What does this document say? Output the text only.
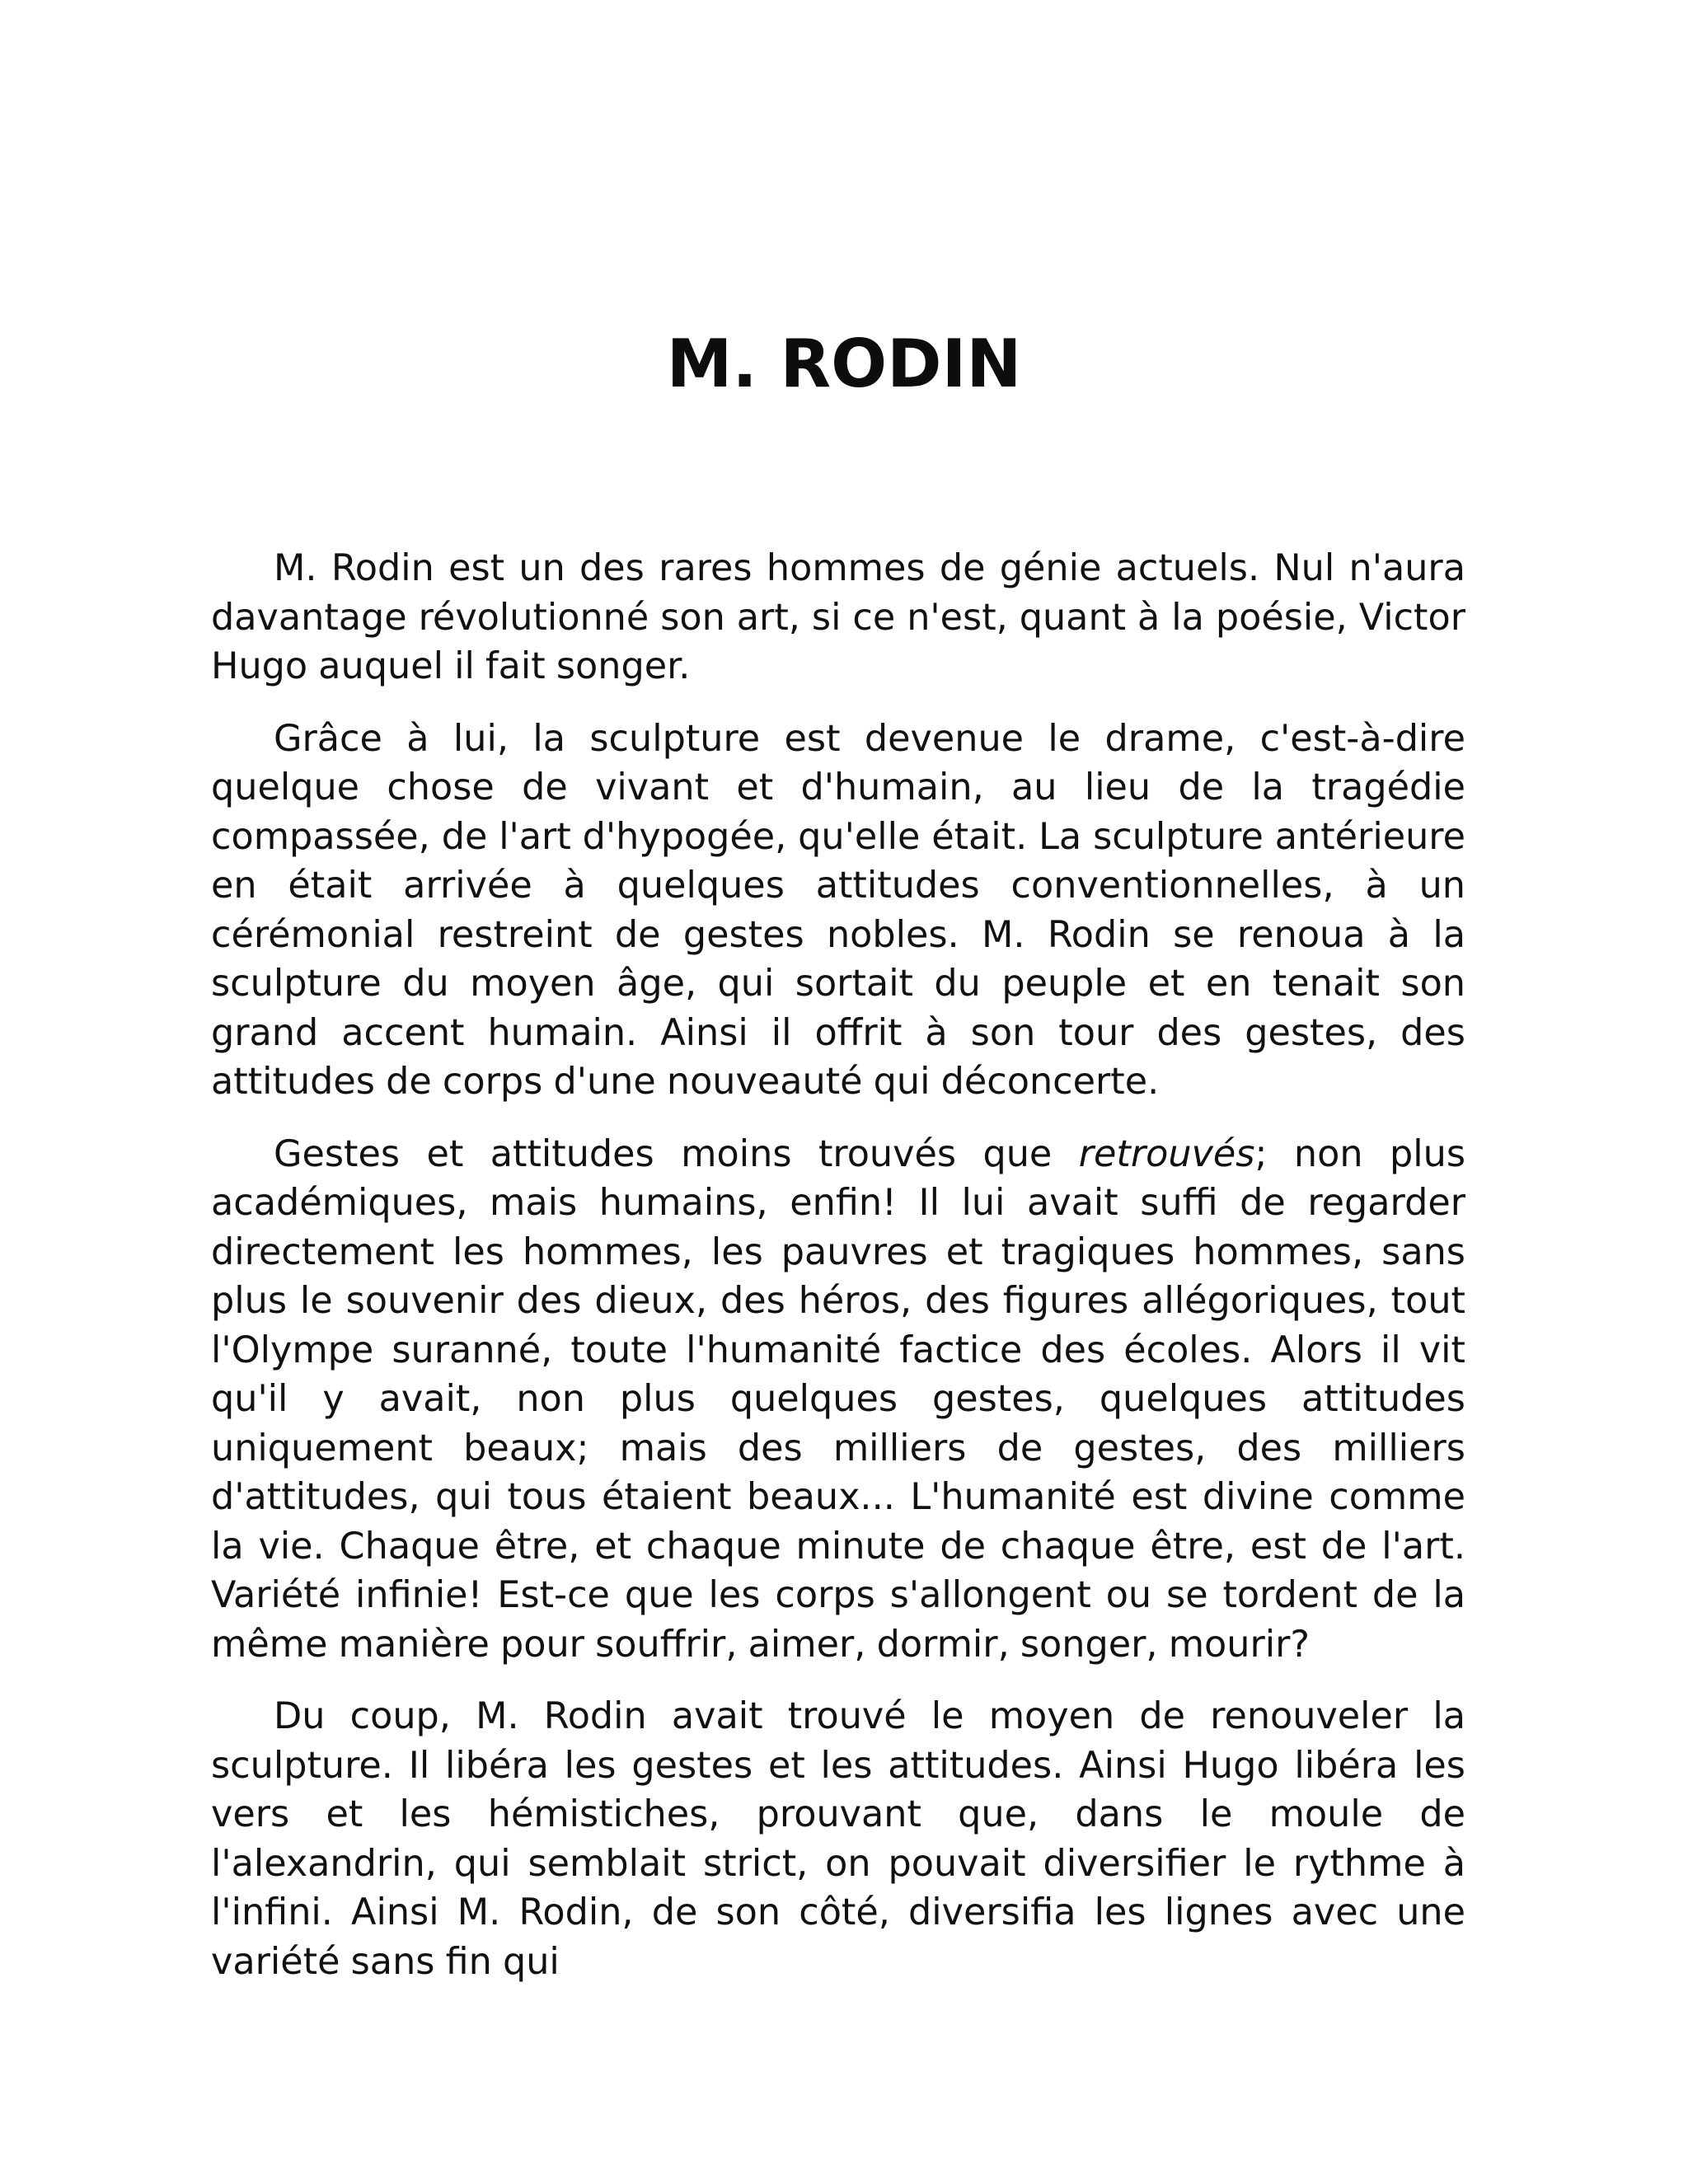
M. RODIN

M. Rodin est un des rares hommes de génie actuels. Nul n'aura davantage révolutionné son art, si ce n'est, quant à la poésie, Victor Hugo auquel il fait songer.

Grâce à lui, la sculpture est devenue le drame, c'est-à-dire quelque chose de vivant et d'humain, au lieu de la tragédie compassée, de l'art d'hypogée, qu'elle était. La sculpture antérieure en était arrivée à quelques attitudes conventionnelles, à un cérémonial restreint de gestes nobles. M. Rodin se renoua à la sculpture du moyen âge, qui sortait du peuple et en tenait son grand accent humain. Ainsi il offrit à son tour des gestes, des attitudes de corps d'une nouveauté qui déconcerte.

Gestes et attitudes moins trouvés que retrouvés; non plus académiques, mais humains, enfin! Il lui avait suffi de regarder directement les hommes, les pauvres et tragiques hommes, sans plus le souvenir des dieux, des héros, des figures allégoriques, tout l'Olympe suranné, toute l'humanité factice des écoles. Alors il vit qu'il y avait, non plus quelques gestes, quelques attitudes uniquement beaux; mais des milliers de gestes, des milliers d'attitudes, qui tous étaient beaux... L'humanité est divine comme la vie. Chaque être, et chaque minute de chaque être, est de l'art. Variété infinie! Est-ce que les corps s'allongent ou se tordent de la même manière pour souffrir, aimer, dormir, songer, mourir?

Du coup, M. Rodin avait trouvé le moyen de renouveler la sculpture. Il libéra les gestes et les attitudes. Ainsi Hugo libéra les vers et les hémistiches, prouvant que, dans le moule de l'alexandrin, qui semblait strict, on pouvait diversifier le rythme à l'infini. Ainsi M. Rodin, de son côté, diversifia les lignes avec une variété sans fin qui
